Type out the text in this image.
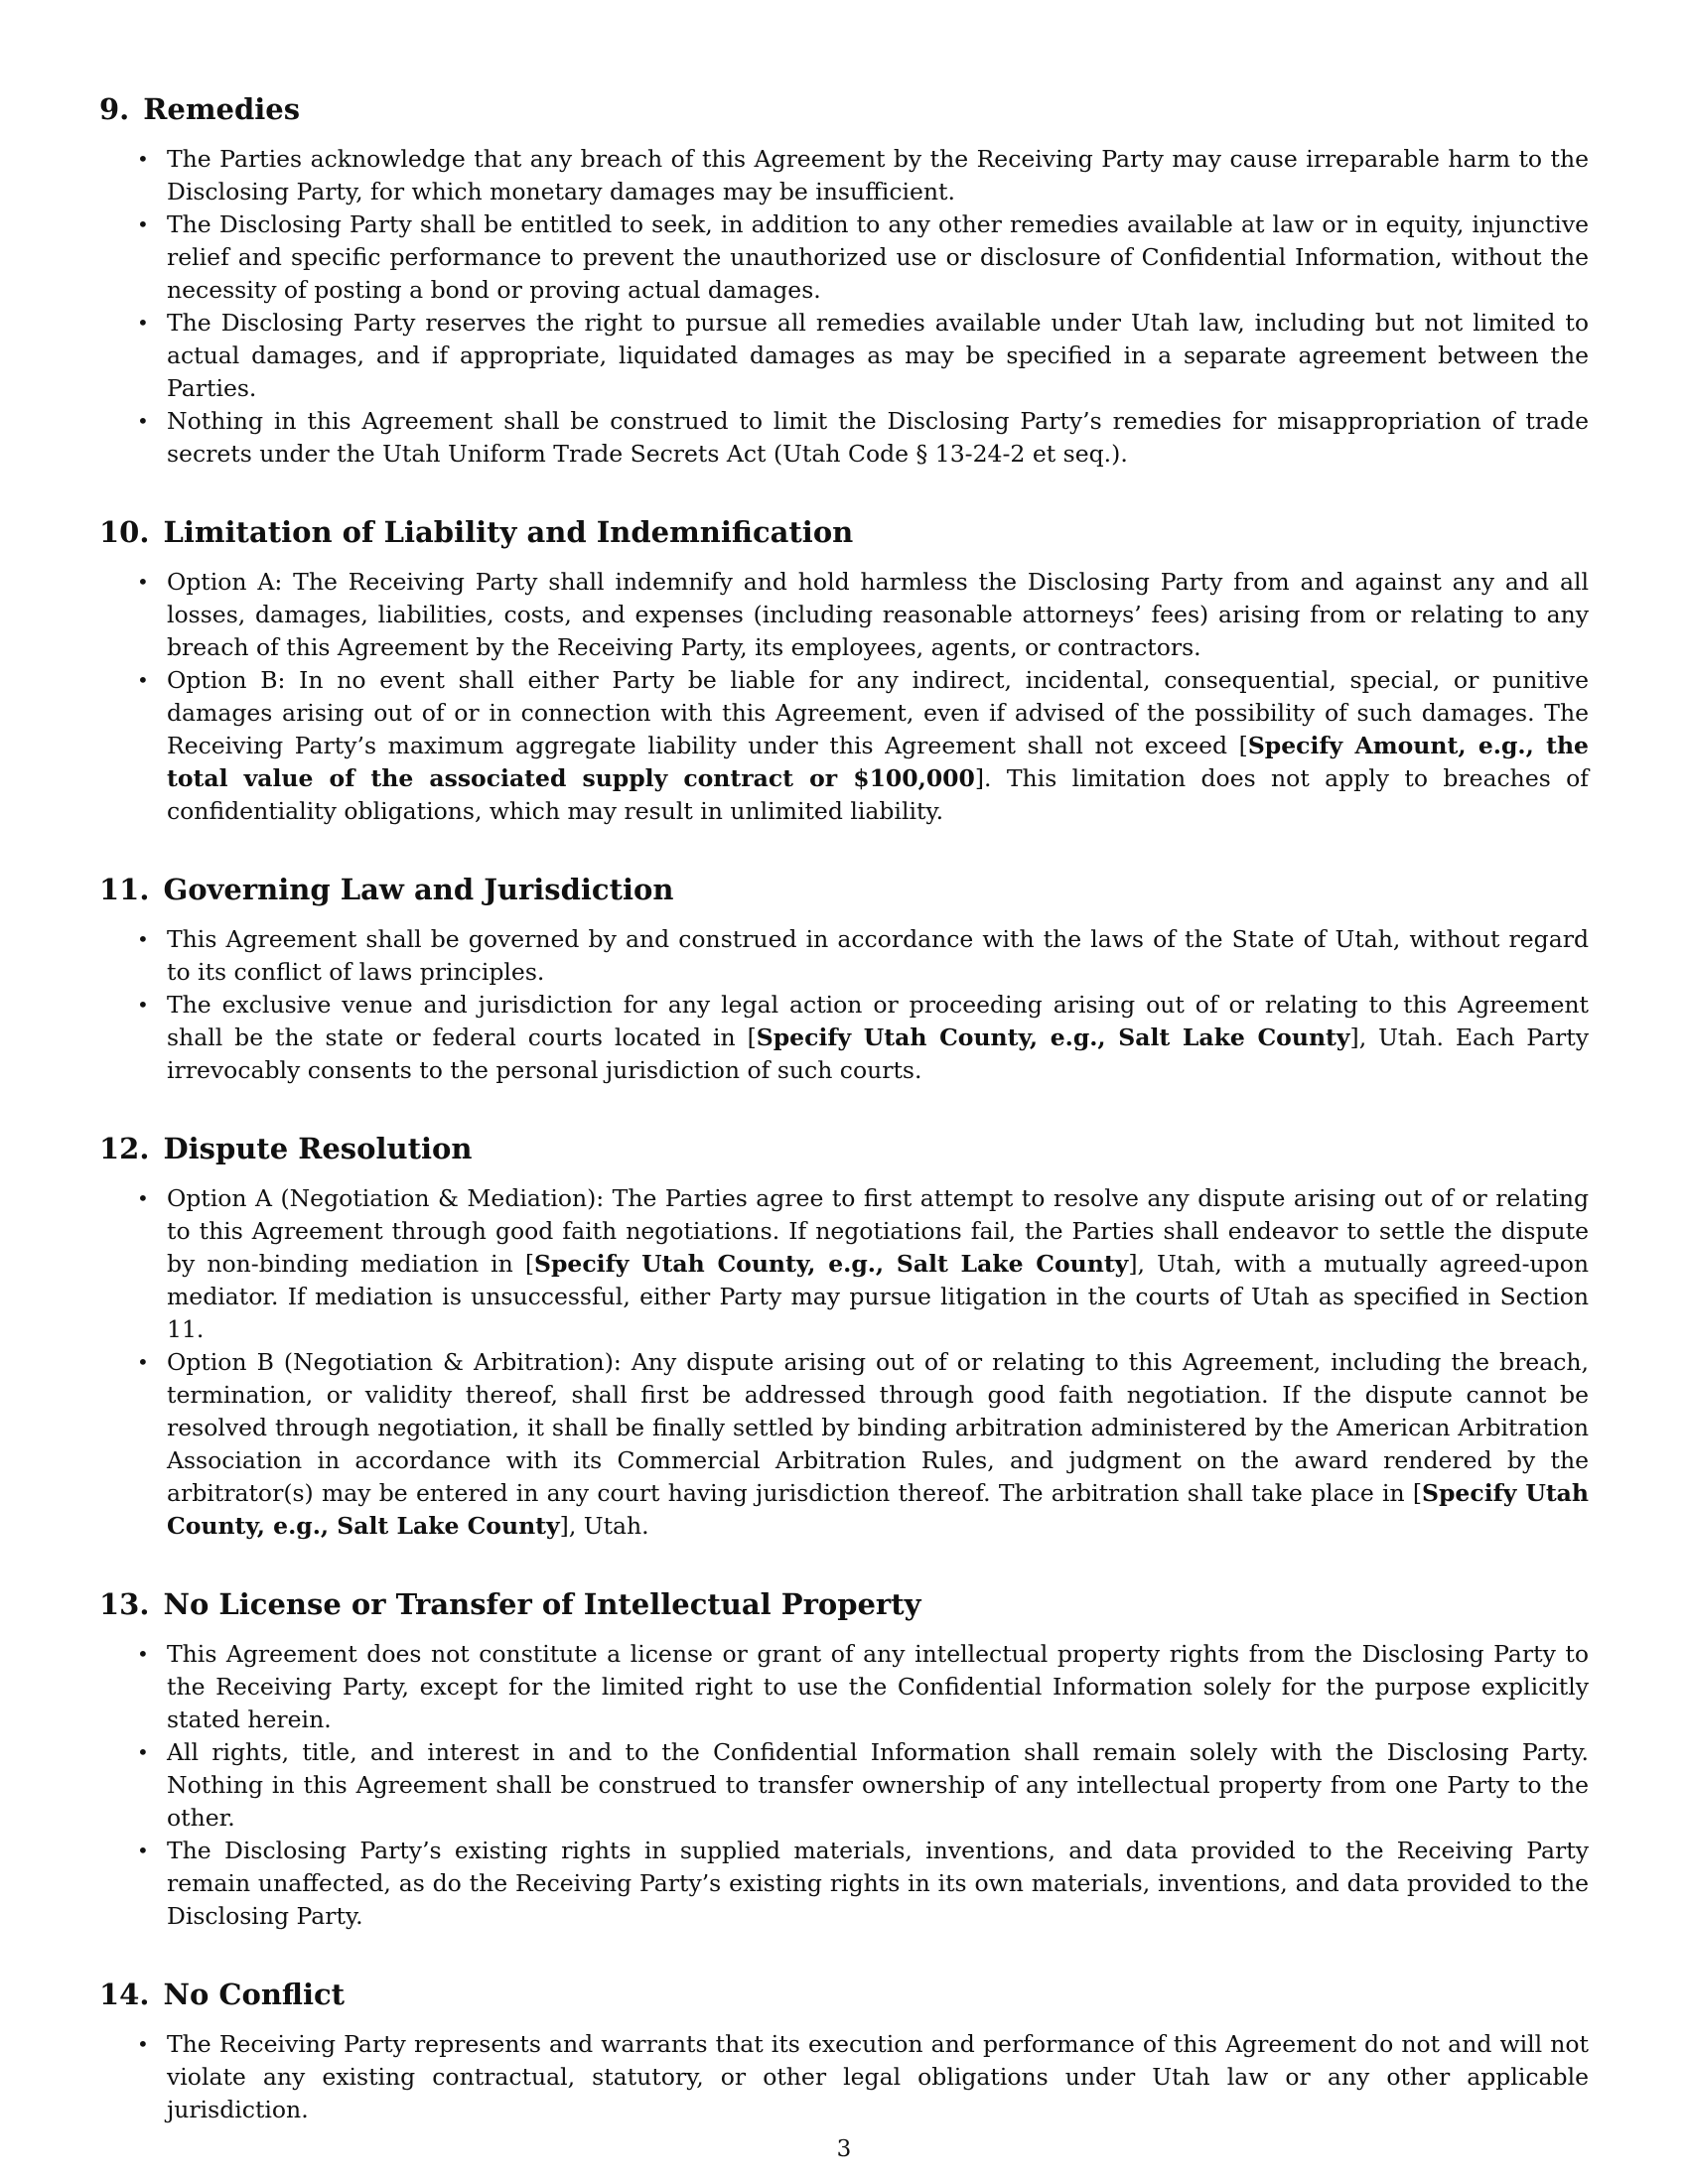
9. Remedies
• The Parties acknowledge that any breach of this Agreement by the Receiving Party may cause irreparable harm to the Disclosing Party, for which monetary damages may be insufficient.
• The Disclosing Party shall be entitled to seek, in addition to any other remedies available at law or in equity, injunctive relief and specific performance to prevent the unauthorized use or disclosure of Confidential Information, without the necessity of posting a bond or proving actual damages.
• The Disclosing Party reserves the right to pursue all remedies available under Utah law, including but not limited to actual damages, and if appropriate, liquidated damages as may be specified in a separate agreement between the Parties.
• Nothing in this Agreement shall be construed to limit the Disclosing Party’s remedies for misappropriation of trade secrets under the Utah Uniform Trade Secrets Act (Utah Code § 13-24-2 et seq.).
10. Limitation of Liability and Indemnification
• Option A: The Receiving Party shall indemnify and hold harmless the Disclosing Party from and against any and all losses, damages, liabilities, costs, and expenses (including reasonable attorneys’ fees) arising from or relating to any breach of this Agreement by the Receiving Party, its employees, agents, or contractors.
• Option B: In no event shall either Party be liable for any indirect, incidental, consequential, special, or punitive damages arising out of or in connection with this Agreement, even if advised of the possibility of such damages. The Receiving Party’s maximum aggregate liability under this Agreement shall not exceed [Specify Amount, e.g., the total value of the associated supply contract or $100,000]. This limitation does not apply to breaches of confidentiality obligations, which may result in unlimited liability.
11. Governing Law and Jurisdiction
• This Agreement shall be governed by and construed in accordance with the laws of the State of Utah, without regard to its conflict of laws principles.
• The exclusive venue and jurisdiction for any legal action or proceeding arising out of or relating to this Agreement shall be the state or federal courts located in [Specify Utah County, e.g., Salt Lake County], Utah. Each Party irrevocably consents to the personal jurisdiction of such courts.
12. Dispute Resolution
• Option A (Negotiation & Mediation): The Parties agree to first attempt to resolve any dispute arising out of or relating to this Agreement through good faith negotiations. If negotiations fail, the Parties shall endeavor to settle the dispute by non-binding mediation in [Specify Utah County, e.g., Salt Lake County], Utah, with a mutually agreed-upon mediator. If mediation is unsuccessful, either Party may pursue litigation in the courts of Utah as specified in Section 11.
• Option B (Negotiation & Arbitration): Any dispute arising out of or relating to this Agreement, including the breach, termination, or validity thereof, shall first be addressed through good faith negotiation. If the dispute cannot be resolved through negotiation, it shall be finally settled by binding arbitration administered by the American Arbitration Association in accordance with its Commercial Arbitration Rules, and judgment on the award rendered by the arbitrator(s) may be entered in any court having jurisdiction thereof. The arbitration shall take place in [Specify Utah County, e.g., Salt Lake County], Utah.
13. No License or Transfer of Intellectual Property
• This Agreement does not constitute a license or grant of any intellectual property rights from the Disclosing Party to the Receiving Party, except for the limited right to use the Confidential Information solely for the purpose explicitly stated herein.
• All rights, title, and interest in and to the Confidential Information shall remain solely with the Disclosing Party. Nothing in this Agreement shall be construed to transfer ownership of any intellectual property from one Party to the other.
• The Disclosing Party’s existing rights in supplied materials, inventions, and data provided to the Receiving Party remain unaffected, as do the Receiving Party’s existing rights in its own materials, inventions, and data provided to the Disclosing Party.
14. No Conflict
• The Receiving Party represents and warrants that its execution and performance of this Agreement do not and will not violate any existing contractual, statutory, or other legal obligations under Utah law or any other applicable jurisdiction.
3
